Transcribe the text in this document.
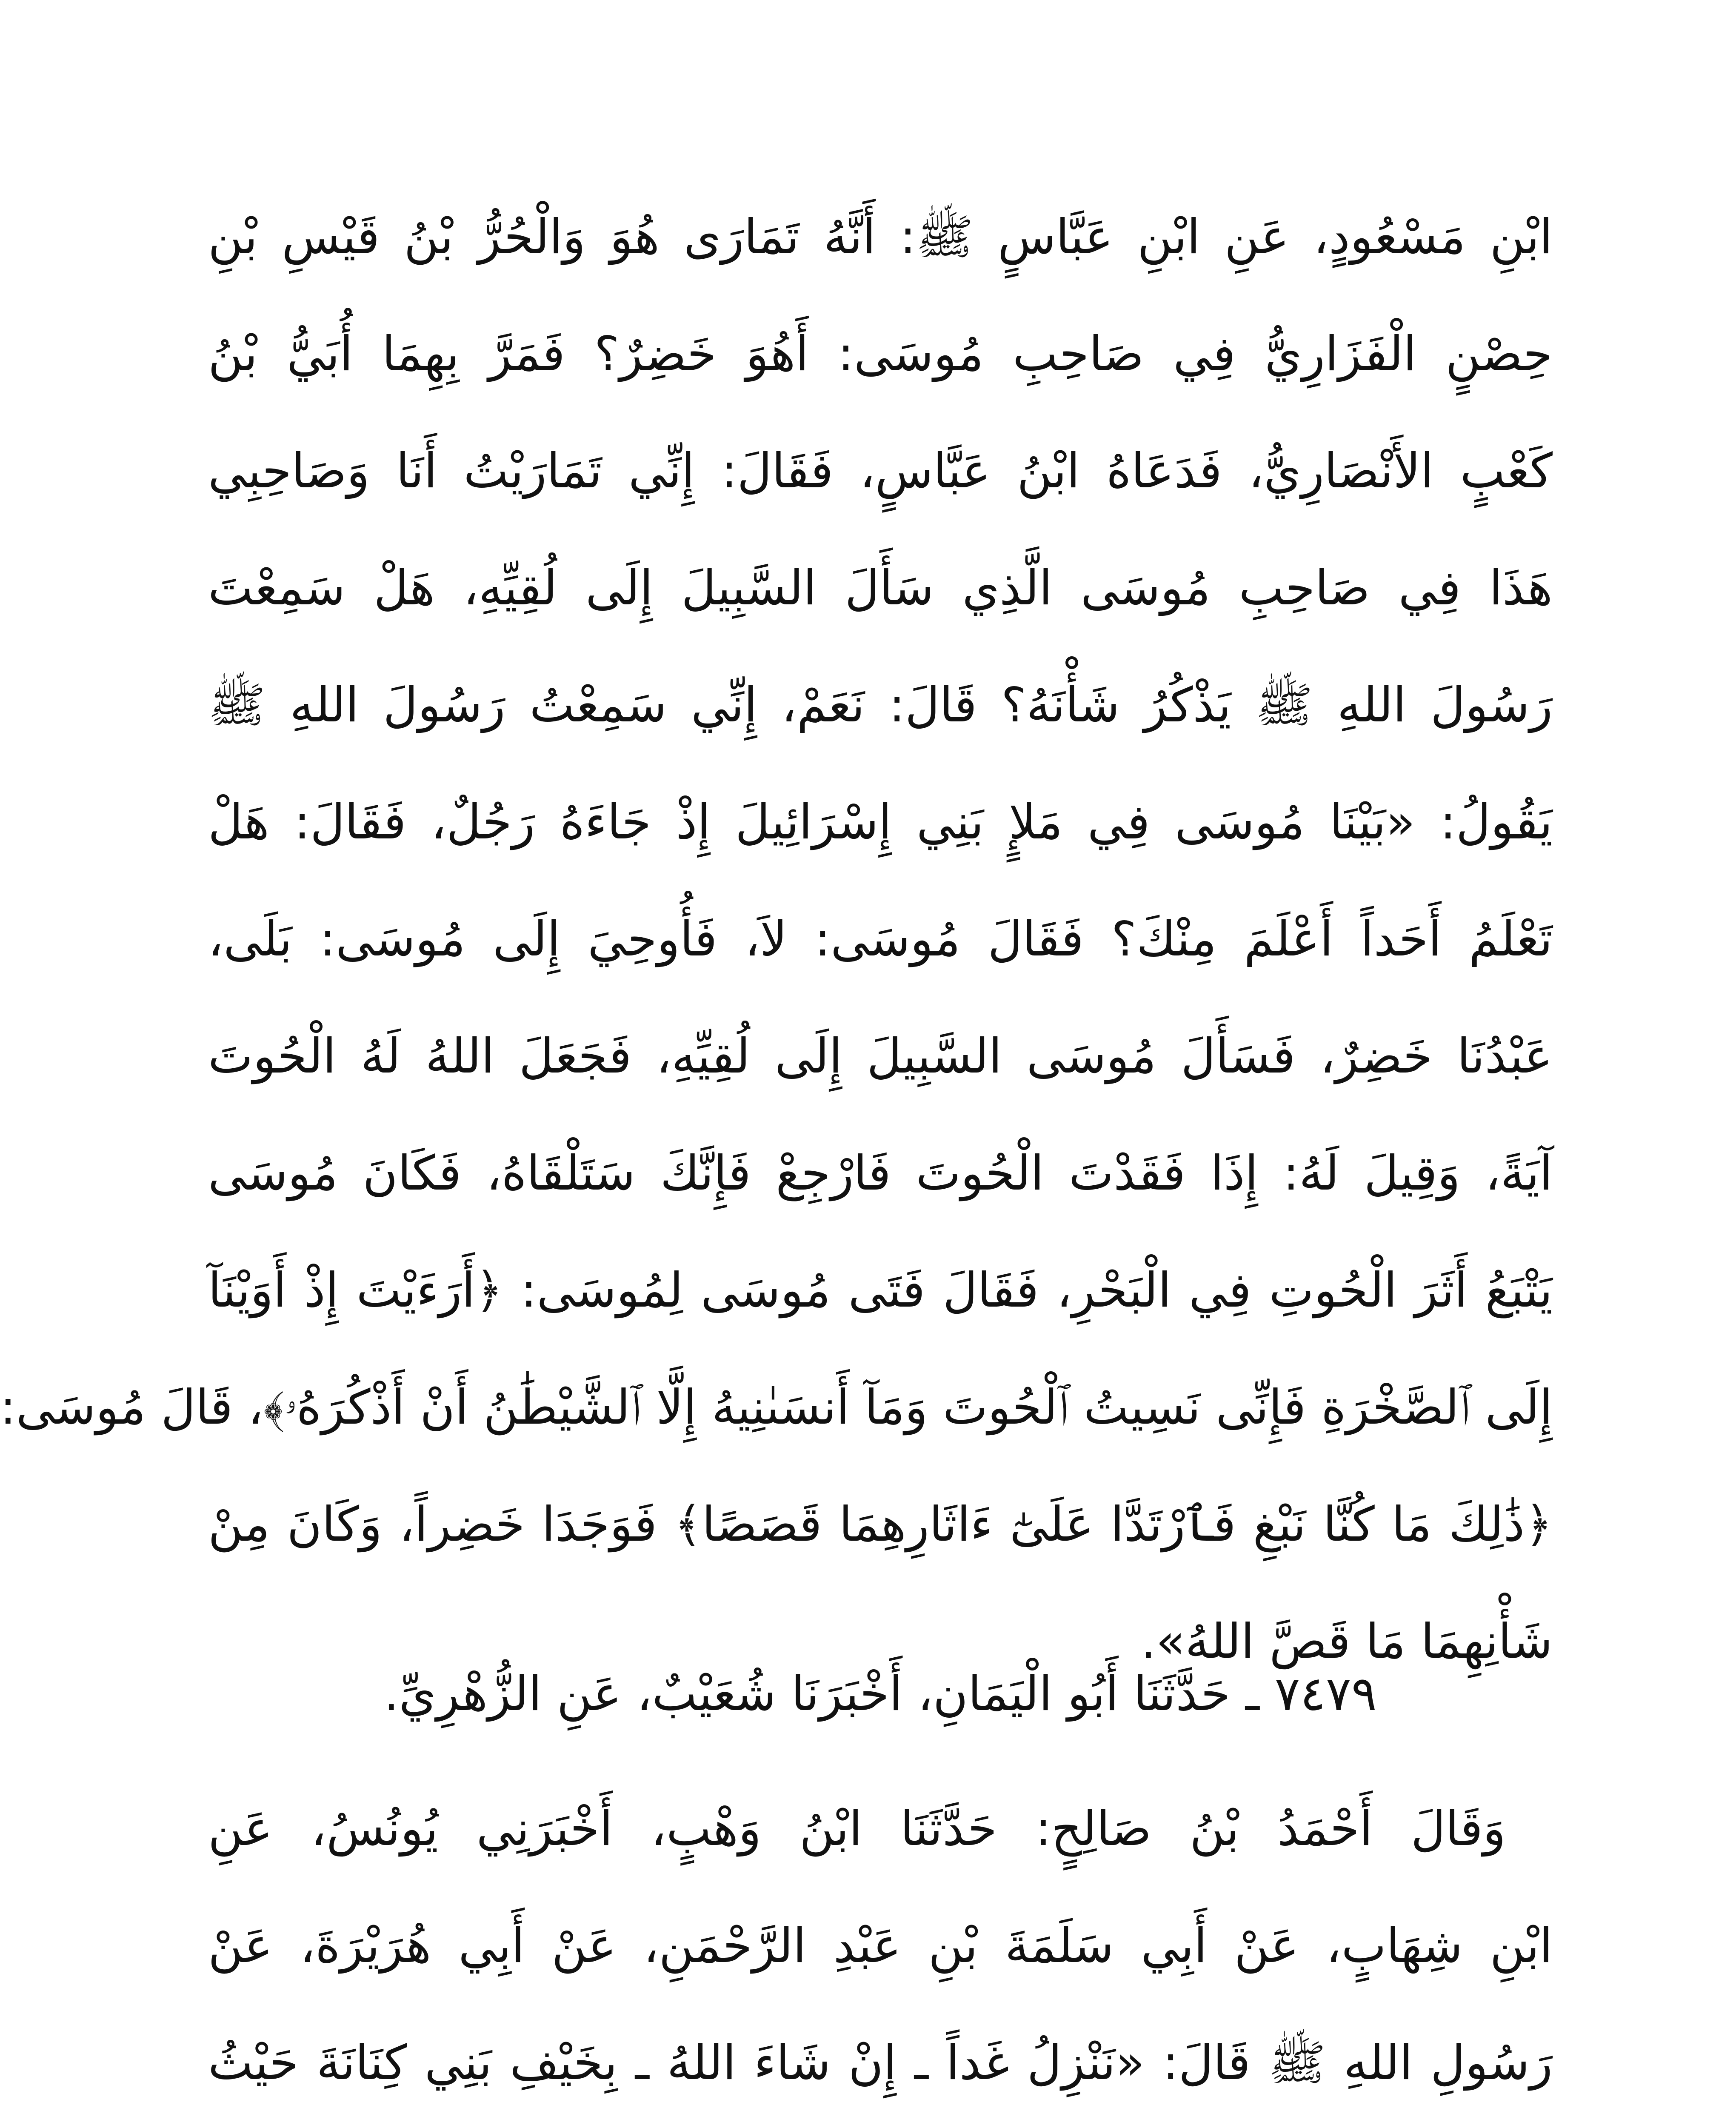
ابْنِ مَسْعُودٍ، عَنِ ابْنِ عَبَّاسٍ ﷺ: أَنَّهُ تَمَارَى هُوَ وَالْحُرُّ بْنُ قَيْسِ بْنِ
حِصْنٍ الْفَزَارِيُّ فِي صَاحِبِ مُوسَى: أَهُوَ خَضِرٌ؟ فَمَرَّ بِهِمَا أُبَيُّ بْنُ
كَعْبٍ الأَنْصَارِيُّ، فَدَعَاهُ ابْنُ عَبَّاسٍ، فَقَالَ: إِنِّي تَمَارَيْتُ أَنَا وَصَاحِبِي
هَذَا فِي صَاحِبِ مُوسَى الَّذِي سَأَلَ السَّبِيلَ إِلَى لُقِيِّهِ، هَلْ سَمِعْتَ
رَسُولَ اللهِ ﷺ يَذْكُرُ شَأْنَهُ؟ قَالَ: نَعَمْ، إِنِّي سَمِعْتُ رَسُولَ اللهِ ﷺ
يَقُولُ: «بَيْنَا مُوسَى فِي مَلإٍ بَنِي إِسْرَائِيلَ إِذْ جَاءَهُ رَجُلٌ، فَقَالَ: هَلْ
تَعْلَمُ أَحَداً أَعْلَمَ مِنْكَ؟ فَقَالَ مُوسَى: لاَ، فَأُوحِيَ إِلَى مُوسَى: بَلَى،
عَبْدُنَا خَضِرٌ، فَسَأَلَ مُوسَى السَّبِيلَ إِلَى لُقِيِّهِ، فَجَعَلَ اللهُ لَهُ الْحُوتَ
آيَةً، وَقِيلَ لَهُ: إِذَا فَقَدْتَ الْحُوتَ فَارْجِعْ فَإِنَّكَ سَتَلْقَاهُ، فَكَانَ مُوسَى
يَتْبَعُ أَثَرَ الْحُوتِ فِي الْبَحْرِ، فَقَالَ فَتَى مُوسَى لِمُوسَى: ﴿أَرَءَيْتَ إِذْ أَوَيْنَآ
إِلَى ٱلصَّخْرَةِ فَإِنِّى نَسِيتُ ٱلْحُوتَ وَمَآ أَنسَىٰنِيهُ إِلَّا ٱلشَّيْطَٰنُ أَنْ أَذْكُرَهُۥ﴾، قَالَ مُوسَى:
﴿ذَٰلِكَ مَا كُنَّا نَبْغِ فَٱرْتَدَّا عَلَىٰٓ ءَاثَارِهِمَا قَصَصًا﴾ فَوَجَدَا خَضِراً، وَكَانَ مِنْ
شَأْنِهِمَا مَا قَصَّ اللهُ».
٧٤٧٩ ـ حَدَّثَنَا أَبُو الْيَمَانِ، أَخْبَرَنَا شُعَيْبٌ، عَنِ الزُّهْرِيِّ.
وَقَالَ أَحْمَدُ بْنُ صَالِحٍ: حَدَّثَنَا ابْنُ وَهْبٍ، أَخْبَرَنِي يُونُسُ، عَنِ
ابْنِ شِهَابٍ، عَنْ أَبِي سَلَمَةَ بْنِ عَبْدِ الرَّحْمَنِ، عَنْ أَبِي هُرَيْرَةَ، عَنْ
رَسُولِ اللهِ ﷺ قَالَ: «نَنْزِلُ غَداً ـ إِنْ شَاءَ اللهُ ـ بِخَيْفِ بَنِي كِنَانَةَ حَيْثُ
